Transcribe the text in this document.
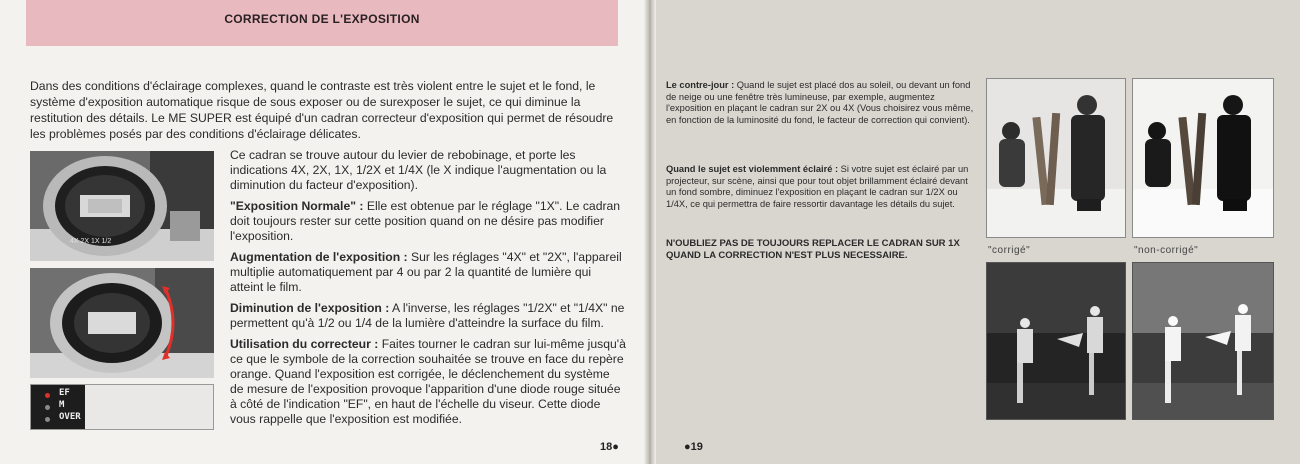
CORRECTION DE L'EXPOSITION

Dans des conditions d'éclairage complexes, quand le contraste est très violent entre le sujet et le fond, le système d'exposition automatique risque de sous exposer ou de surexposer le sujet, ce qui diminue la restitution des détails. Le ME SUPER est équipé d'un cadran correcteur d'exposition qui permet de résoudre les problèmes posés par des conditions d'éclairage délicates.

4X 2X 1X 1/2
EF
M
OVER

Ce cadran se trouve autour du levier de rebobinage, et porte les indications 4X, 2X, 1X, 1/2X et 1/4X (le X indique l'augmentation ou la diminution du facteur d'exposition).

"Exposition Normale" : Elle est obtenue par le réglage "1X". Le cadran doit toujours rester sur cette position quand on ne désire pas modifier l'exposition.

Augmentation de l'exposition : Sur les réglages "4X" et "2X", l'appareil multiplie automatiquement par 4 ou par 2 la quantité de lumière qui atteint le film.

Diminution de l'exposition : A l'inverse, les réglages "1/2X" et "1/4X" ne permettent qu'à 1/2 ou 1/4 de la lumière d'atteindre la surface du film.

Utilisation du correcteur : Faites tourner le cadran sur lui-même jusqu'à ce que le symbole de la correction souhaitée se trouve en face du repère orange. Quand l'exposition est corrigée, le déclenchement du système de mesure de l'exposition provoque l'apparition d'une diode rouge située à côté de l'indication "EF", en haut de l'échelle du viseur. Cette diode vous rappelle que l'exposition est modifiée.

18●

Le contre-jour : Quand le sujet est placé dos au soleil, ou devant un fond de neige ou une fenêtre très lumineuse, par exemple, augmentez l'exposition en plaçant le cadran sur 2X ou 4X (Vous choisirez vous même, en fonction de la luminosité du fond, le facteur de correction qui convient).

Quand le sujet est violemment éclairé : Si votre sujet est éclairé par un projecteur, sur scène, ainsi que pour tout objet brillamment éclairé devant un fond sombre, diminuez l'exposition en plaçant le cadran sur 1/2X ou 1/4X, ce qui permettra de faire ressortir davantage les détails du sujet.

N'OUBLIEZ PAS DE TOUJOURS REPLACER LE CADRAN SUR 1X QUAND LA CORRECTION N'EST PLUS NECESSAIRE.	"corrigé"	"non-corrigé"
●19
